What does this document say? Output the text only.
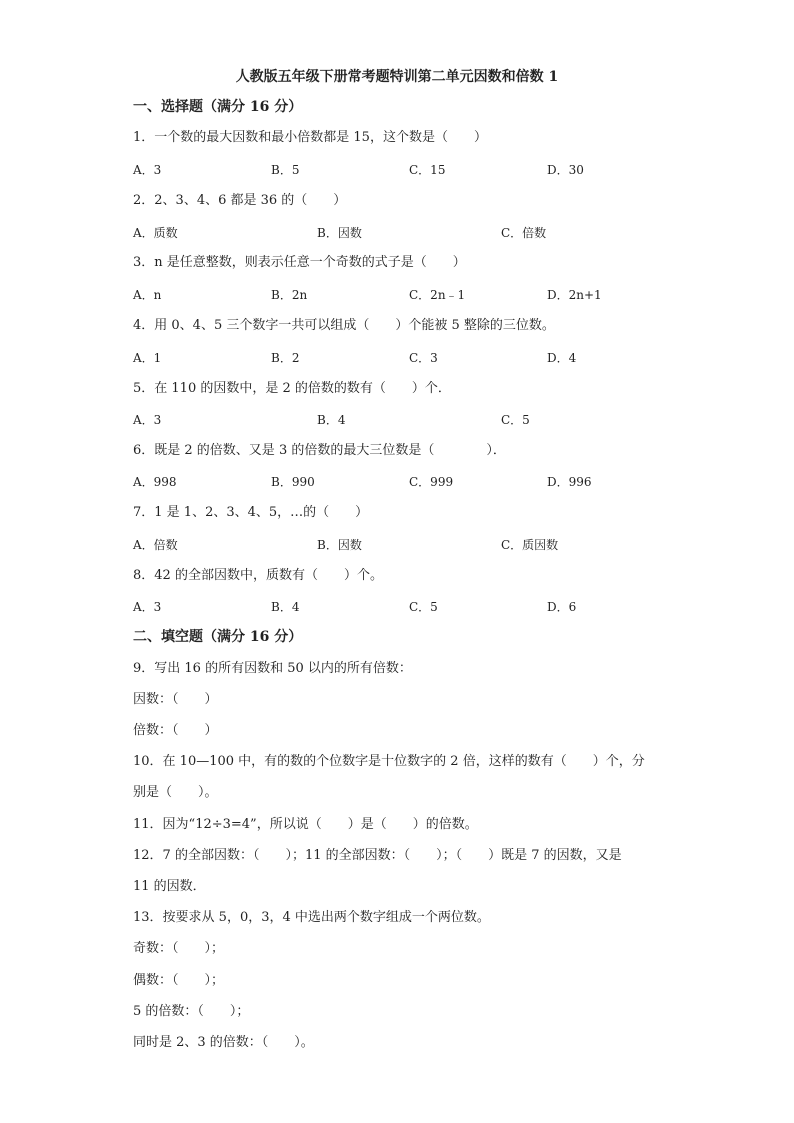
人教版五年级下册常考题特训第二单元因数和倍数 1
一、选择题（满分 16 分）
1．一个数的最大因数和最小倍数都是 15，这个数是（　　）
A．3	B．5	C．15	D．30
2．2、3、4、6 都是 36 的（　　）
A．质数	B．因数	C．倍数
3．n 是任意整数，则表示任意一个奇数的式子是（　　）
A．n	B．2n	C．2n﹣1	D．2n+1
4．用 0、4、5 三个数字一共可以组成（　　）个能被 5 整除的三位数。
A．1	B．2	C．3	D．4
5．在 110 的因数中，是 2 的倍数的数有（　　）个．
A．3	B．4	C．5
6．既是 2 的倍数、又是 3 的倍数的最大三位数是（　　　　）．
A．998	B．990	C．999	D．996
7．1 是 1、2、3、4、5，…的（　　）
A．倍数	B．因数	C．质因数
8．42 的全部因数中，质数有（　　）个。
A．3	B．4	C．5	D．6
二、填空题（满分 16 分）
9．写出 16 的所有因数和 50 以内的所有倍数：
因数：（　　）
倍数：（　　）
10．在 10—100 中，有的数的个位数字是十位数字的 2 倍，这样的数有（　　）个，分
别是（　　）。
11．因为“12÷3=4”，所以说（　　）是（　　）的倍数。
12．7 的全部因数：（　　）；11 的全部因数：（　　）；（　　）既是 7 的因数，又是
11 的因数．
13．按要求从 5，0，3，4 中选出两个数字组成一个两位数。
奇数：（　　）；
偶数：（　　）；
5 的倍数：（　　）；
同时是 2、3 的倍数：（　　）。
